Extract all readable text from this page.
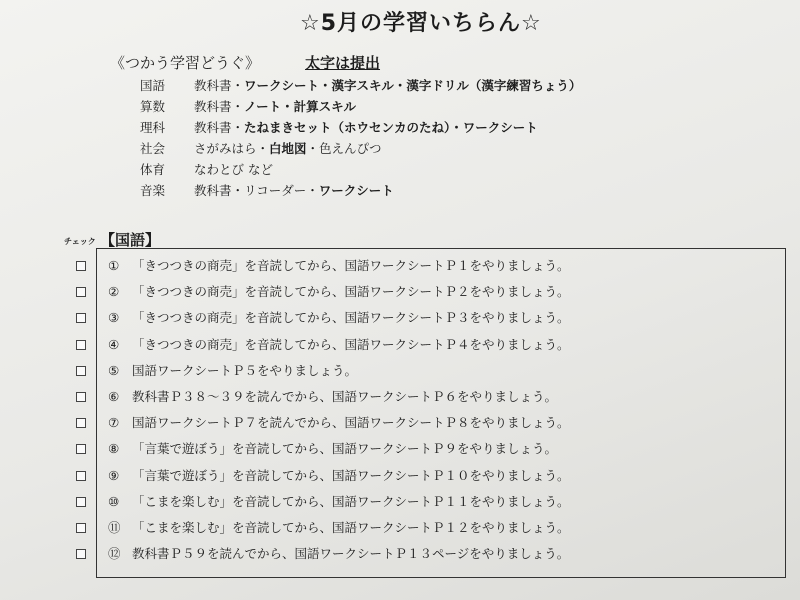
☆5月の学習いちらん☆
《つかう学習どうぐ》	太字は提出
国語 教科書・ワークシート・漢字スキル・漢字ドリル（漢字練習ちょう）
算数 教科書・ノート・計算スキル
理科 教科書・たねまきセット（ホウセンカのたね）・ワークシート
社会 さがみはら・白地図・色えんぴつ
体育 なわとび など
音楽 教科書・リコーダー・ワークシート
チェック 【国語】
① 「きつつきの商売」を音読してから、国語ワークシートＰ１をやりましょう。
② 「きつつきの商売」を音読してから、国語ワークシートＰ２をやりましょう。
③ 「きつつきの商売」を音読してから、国語ワークシートＰ３をやりましょう。
④ 「きつつきの商売」を音読してから、国語ワークシートＰ４をやりましょう。
⑤ 国語ワークシートＰ５をやりましょう。
⑥ 教科書Ｐ３８～３９を読んでから、国語ワークシートＰ６をやりましょう。
⑦ 国語ワークシートＰ７を読んでから、国語ワークシートＰ８をやりましょう。
⑧ 「言葉で遊ぼう」を音読してから、国語ワークシートＰ９をやりましょう。
⑨ 「言葉で遊ぼう」を音読してから、国語ワークシートＰ１０をやりましょう。
⑩ 「こまを楽しむ」を音読してから、国語ワークシートＰ１１をやりましょう。
⑪ 「こまを楽しむ」を音読してから、国語ワークシートＰ１２をやりましょう。
⑫ 教科書Ｐ５９を読んでから、国語ワークシートＰ１３ページをやりましょう。
